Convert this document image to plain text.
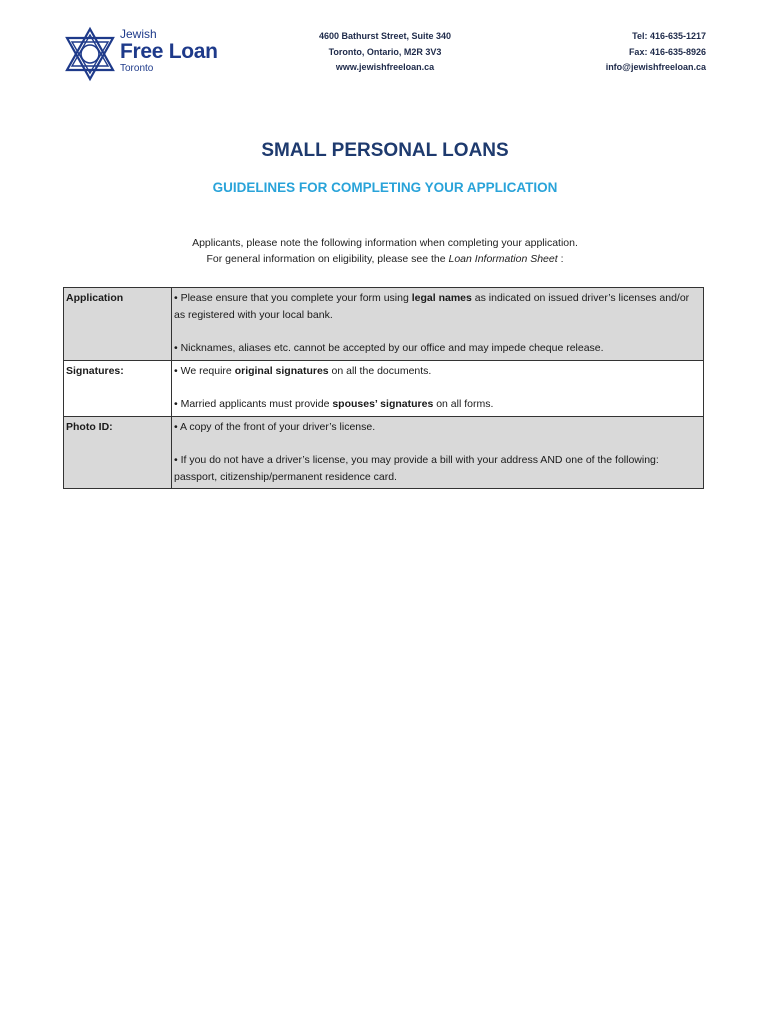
Jewish
Free Loan
Toronto
4600 Bathurst Street, Suite 340
Toronto, Ontario, M2R 3V3
www.jewishfreeloan.ca
Tel: 416-635-1217
Fax: 416-635-8926
info@jewishfreeloan.ca
SMALL PERSONAL LOANS
GUIDELINES FOR COMPLETING YOUR APPLICATION
Applicants, please note the following information when completing your application.
For general information on eligibility, please see the Loan Information Sheet :
Application	• Please ensure that you complete your form using legal names as indicated on issued driver’s licenses and/or as registered with your local bank.

• Nicknames, aliases etc. cannot be accepted by our office and may impede cheque release.

Signatures:	• We require original signatures on all the documents.

• Married applicants must provide spouses’ signatures on all forms.

Photo ID:	• A copy of the front of your driver’s license.

• If you do not have a driver’s license, you may provide a bill with your address AND one of the following: passport, citizenship/permanent residence card.
